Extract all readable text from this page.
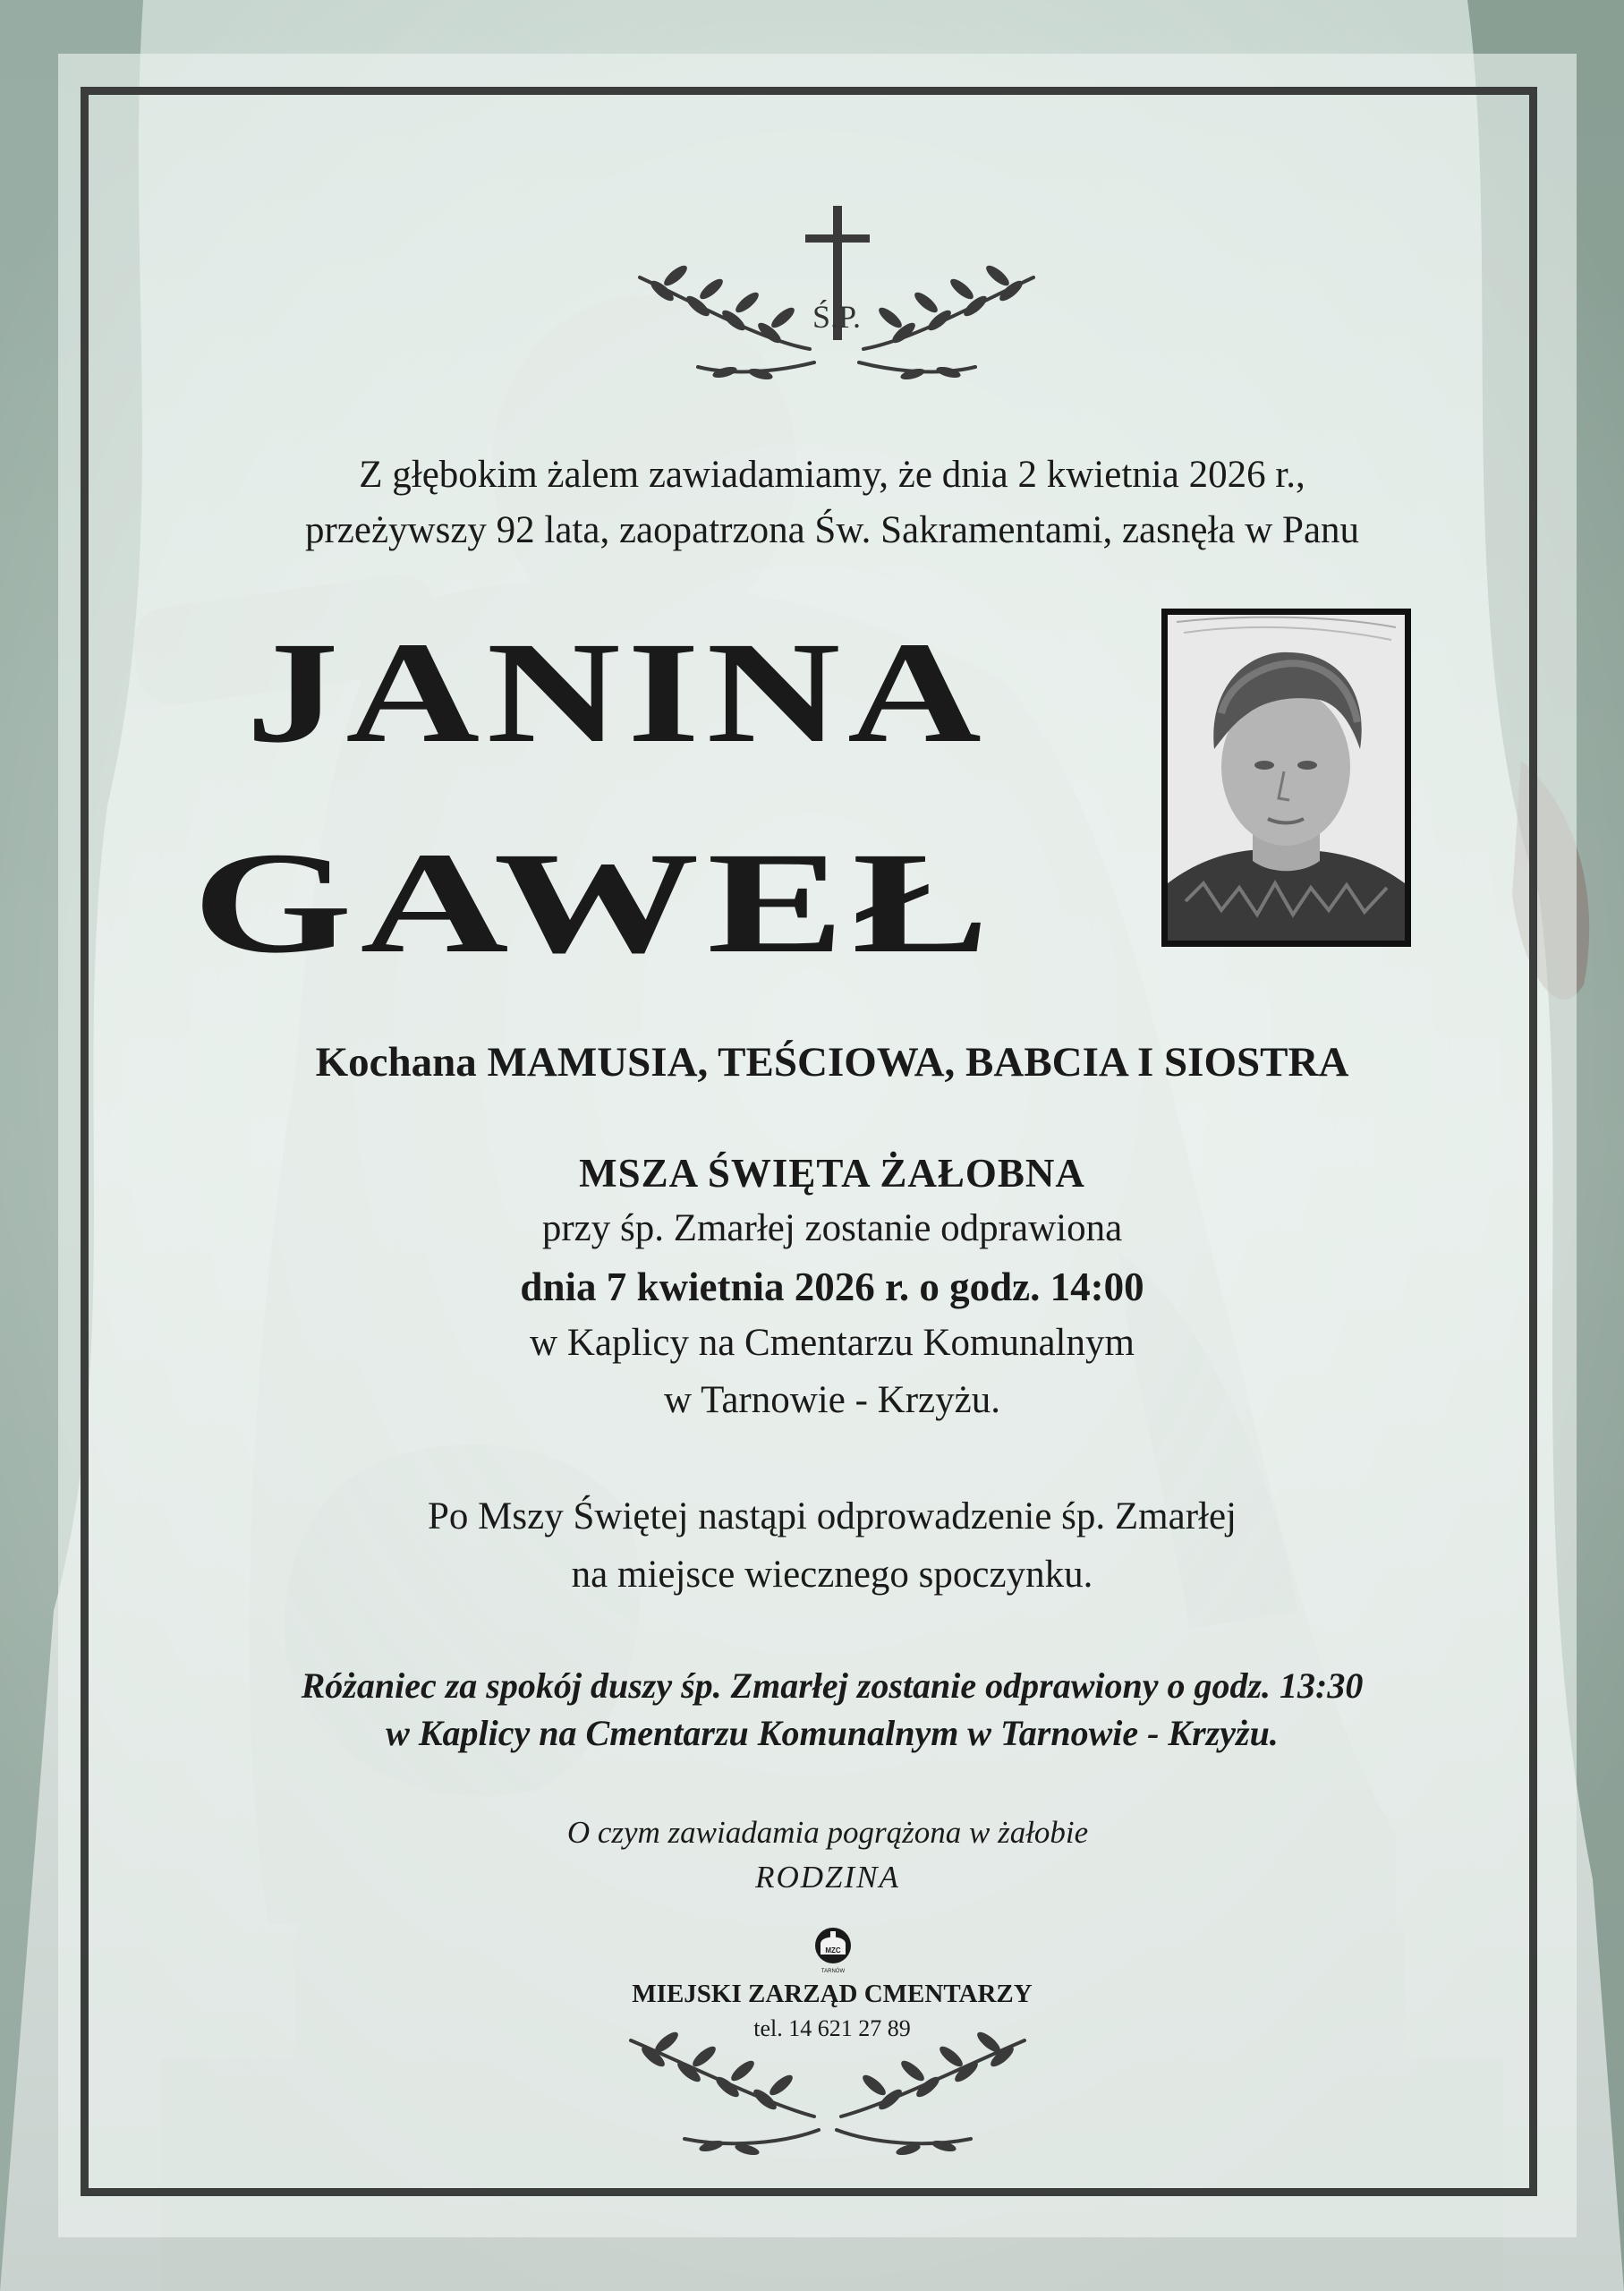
Ś.P.
Z głębokim żalem zawiadamiamy, że dnia 2 kwietnia 2026 r.,
przeżywszy 92 lata, zaopatrzona Św. Sakramentami, zasnęła w Panu
JANINA
GAWEŁ
Kochana MAMUSIA, TEŚCIOWA, BABCIA I SIOSTRA
MSZA ŚWIĘTA ŻAŁOBNA
przy śp. Zmarłej zostanie odprawiona
dnia 7 kwietnia 2026 r. o godz. 14:00
w Kaplicy na Cmentarzu Komunalnym
w Tarnowie - Krzyżu.
Po Mszy Świętej nastąpi odprowadzenie śp. Zmarłej
na miejsce wiecznego spoczynku.
Różaniec za spokój duszy śp. Zmarłej zostanie odprawiony o godz. 13:30
w Kaplicy na Cmentarzu Komunalnym w Tarnowie - Krzyżu.
O czym zawiadamia pogrążona w żałobie
RODZINA
MZC
TARNÓW
MIEJSKI ZARZĄD CMENTARZY
tel. 14 621 27 89
